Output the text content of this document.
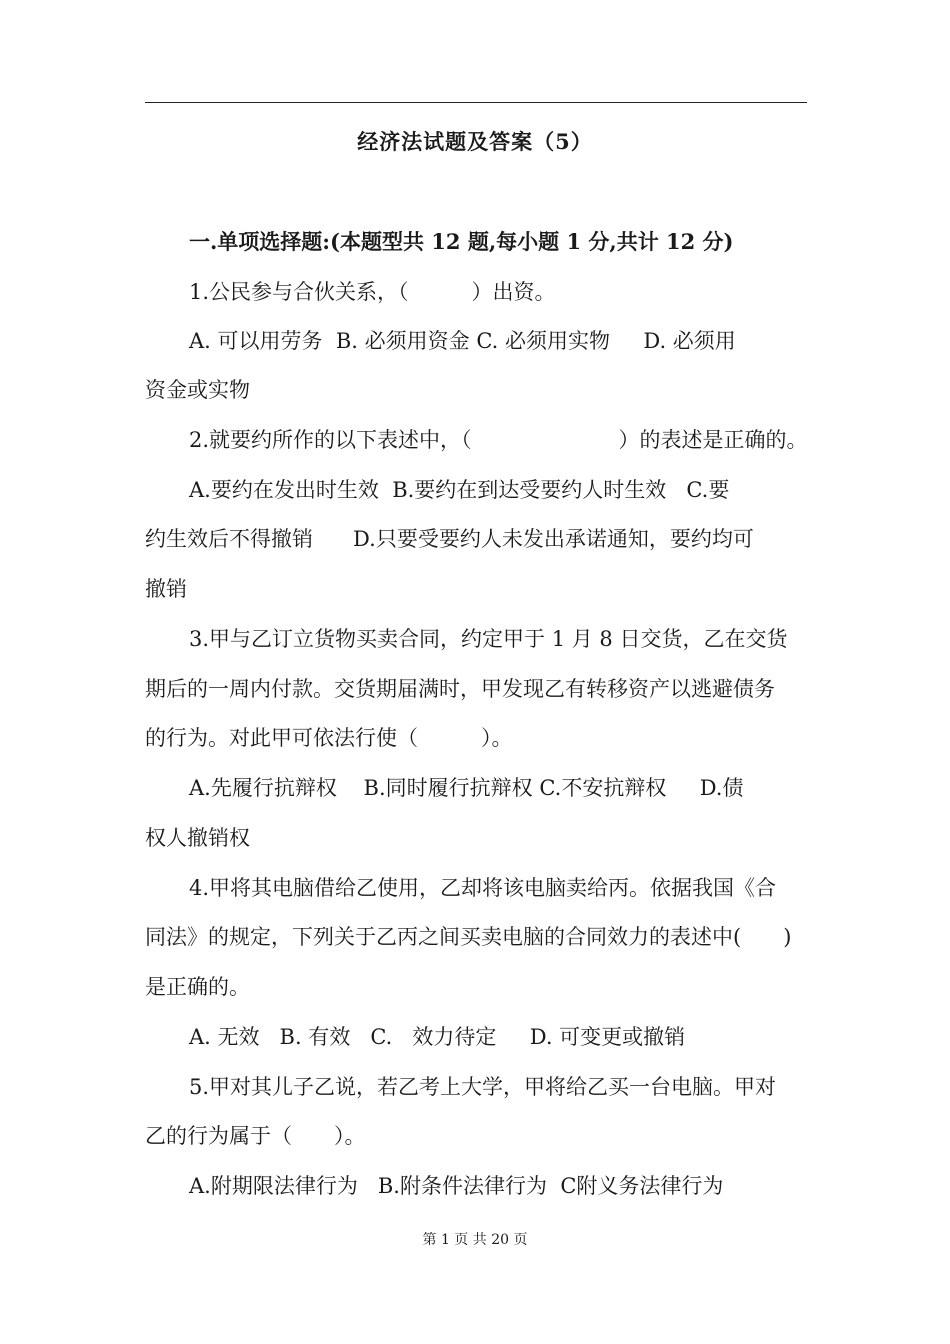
经济法试题及答案（5）
一.单项选择题:(本题型共 12 题,每小题 1 分,共计 12 分)
1.公民参与合伙关系，（　　　）出资。
A. 可以用劳务  B. 必须用资金 C. 必须用实物     D. 必须用
资金或实物
2.就要约所作的以下表述中，（　　　　　　　）的表述是正确的。
A.要约在发出时生效  B.要约在到达受要约人时生效   C.要
约生效后不得撤销      D.只要受要约人未发出承诺通知，要约均可
撤销
3.甲与乙订立货物买卖合同，约定甲于 1 月 8 日交货，乙在交货
期后的一周内付款。交货期届满时，甲发现乙有转移资产以逃避债务
的行为。对此甲可依法行使（　　　）。
A.先履行抗辩权    B.同时履行抗辩权 C.不安抗辩权     D.债
权人撤销权
4.甲将其电脑借给乙使用，乙却将该电脑卖给丙。依据我国《合
同法》的规定，下列关于乙丙之间买卖电脑的合同效力的表述中(　　)
是正确的。
A. 无效   B. 有效   C.   效力待定     D. 可变更或撤销
5.甲对其儿子乙说，若乙考上大学，甲将给乙买一台电脑。甲对
乙的行为属于（　　）。
A.附期限法律行为   B.附条件法律行为  C附义务法律行为
第 1 页 共 20 页
